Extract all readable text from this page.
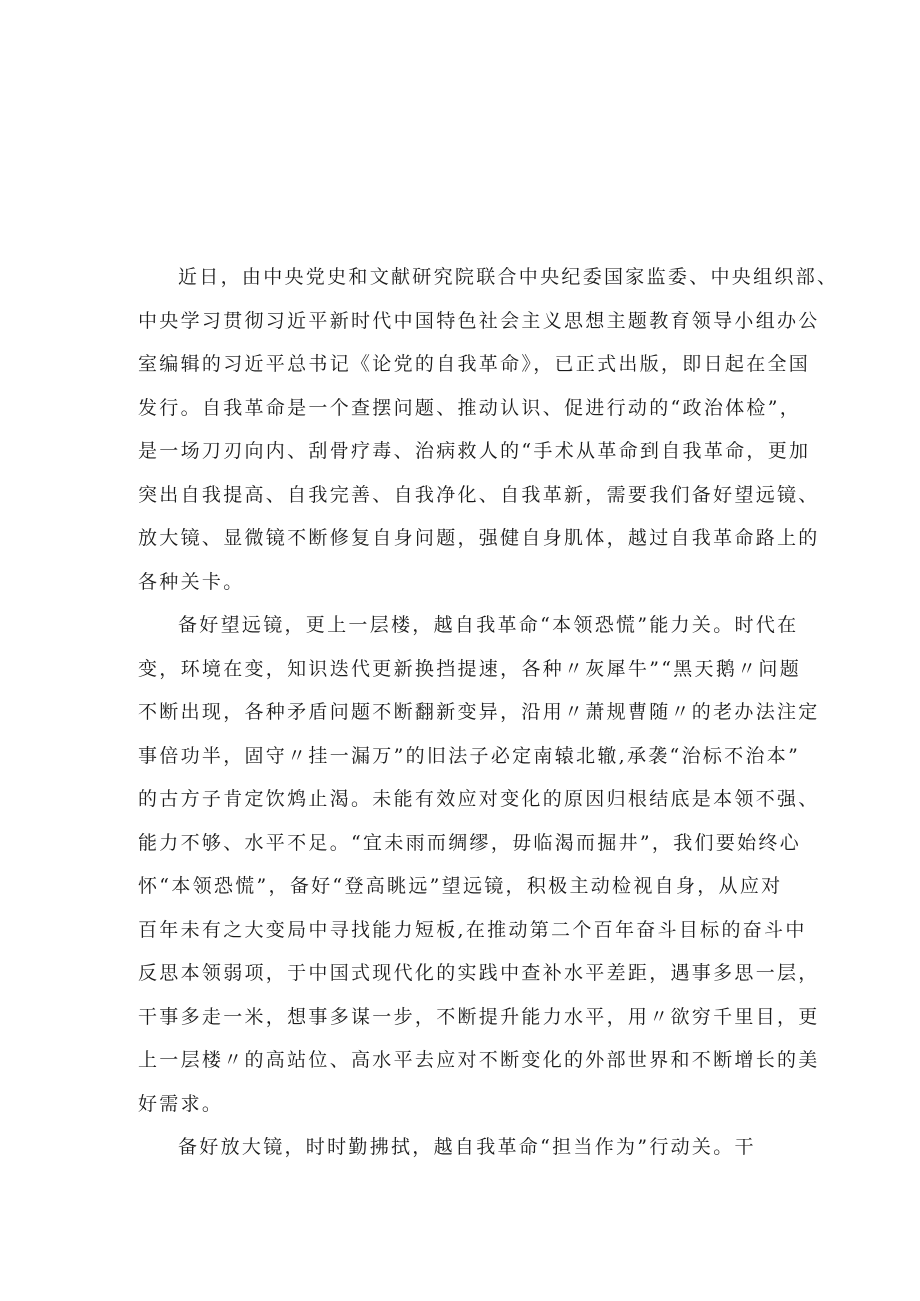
近日，由中央党史和文献研究院联合中央纪委国家监委、中央组织部、
中央学习贯彻习近平新时代中国特色社会主义思想主题教育领导小组办公
室编辑的习近平总书记《论党的自我革命》，已正式出版，即日起在全国
发行。自我革命是一个查摆问题、推动认识、促进行动的“政治体检”，
是一场刀刃向内、刮骨疗毒、治病救人的“手术从革命到自我革命，更加
突出自我提高、自我完善、自我净化、自我革新，需要我们备好望远镜、
放大镜、显微镜不断修复自身问题，强健自身肌体，越过自我革命路上的
各种关卡。
备好望远镜，更上一层楼，越自我革命“本领恐慌”能力关。时代在
变，环境在变，知识迭代更新换挡提速，各种〃灰犀牛”“黑天鹅〃问题
不断出现，各种矛盾问题不断翻新变异，沿用〃萧规曹随〃的老办法注定
事倍功半，固守〃挂一漏万”的旧法子必定南辕北辙,承袭“治标不治本”
的古方子肯定饮鸩止渴。未能有效应对变化的原因归根结底是本领不强、
能力不够、水平不足。“宜未雨而绸缪，毋临渴而掘井”，我们要始终心
怀“本领恐慌”，备好“登高眺远”望远镜，积极主动检视自身，从应对
百年未有之大变局中寻找能力短板,在推动第二个百年奋斗目标的奋斗中
反思本领弱项，于中国式现代化的实践中查补水平差距，遇事多思一层，
干事多走一米，想事多谋一步，不断提升能力水平，用〃欲穷千里目，更
上一层楼〃的高站位、高水平去应对不断变化的外部世界和不断增长的美
好需求。
备好放大镜，时时勤拂拭，越自我革命“担当作为”行动关。干
